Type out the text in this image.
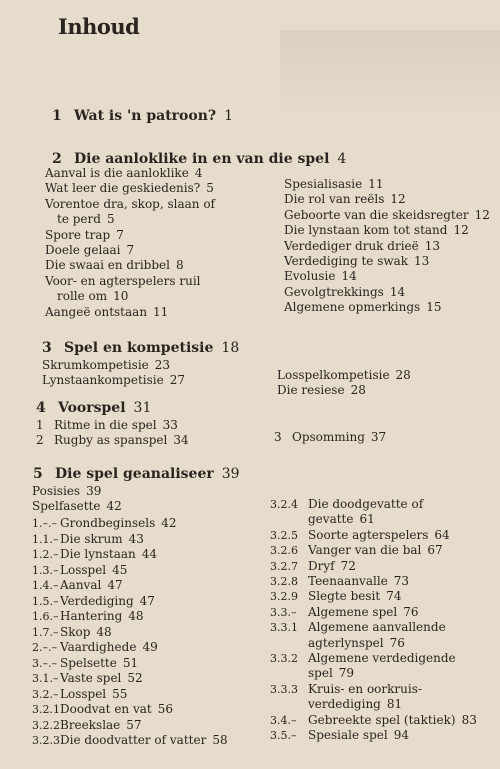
Inhoud
1 Wat is 'n patroon? 1
2 Die aanloklike in en van die spel 4
Aanval is die aanloklike 4
Wat leer die geskiedenis? 5
Vorentoe dra, skop, slaan of
te perd 5
Spore trap 7
Doele gelaai 7
Die swaai en dribbel 8
Voor- en agterspelers ruil
rolle om 10
Aangeë ontstaan 11
Spesialisasie 11
Die rol van reëls 12
Geboorte van die skeidsregter 12
Die lynstaan kom tot stand 12
Verdediger druk drieë 13
Verdediging te swak 13
Evolusie 14
Gevolgtrekkings 14
Algemene opmerkings 15
3 Spel en kompetisie 18
Skrumkompetisie 23
Lynstaankompetisie 27	Losspelkompetisie 28
Die resiese 28
4 Voorspel 31
1 Ritme in die spel 33
2 Rugby as spanspel 34	3 Opsomming 37
5 Die spel geanaliseer 39
Posisies 39
Spelfasette 42
1.–.– Grondbeginsels 42
1.1.– Die skrum 43
1.2.– Die lynstaan 44
1.3.– Losspel 45
1.4.– Aanval 47
1.5.– Verdediging 47
1.6.– Hantering 48
1.7.– Skop 48
2.–.– Vaardighede 49
3.–.– Spelsette 51
3.1.– Vaste spel 52
3.2.– Losspel 55
3.2.1Doodvat en vat 56
3.2.2Breekslae 57
3.2.3Die doodvatter of vatter 58
3.2.4 Die doodgevatte of
gevatte 61
3.2.5 Soorte agterspelers 64
3.2.6 Vanger van die bal 67
3.2.7 Dryf 72
3.2.8 Teenaanvalle 73
3.2.9 Slegte besit 74
3.3.– Algemene spel 76
3.3.1 Algemene aanvallende
agterlynspel 76
3.3.2 Algemene verdedigende
spel 79
3.3.3 Kruis- en oorkruis-
verdediging 81
3.4.– Gebreekte spel (taktiek) 83
3.5.– Spesiale spel 94
